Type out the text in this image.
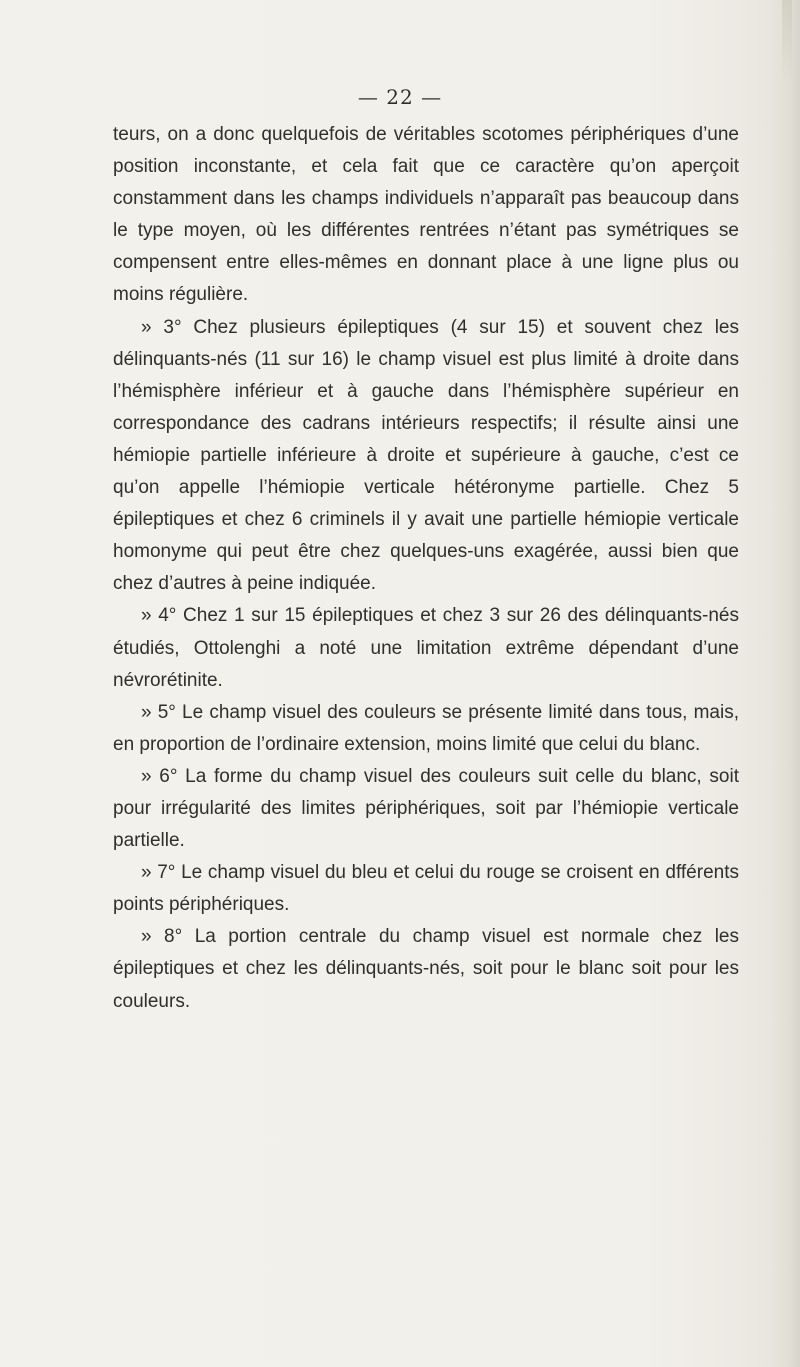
— 22 —

teurs, on a donc quelquefois de véritables scotomes périphériques d’une position inconstante, et cela fait que ce caractère qu’on aperçoit constamment dans les champs individuels n’apparaît pas beaucoup dans le type moyen, où les différentes rentrées n’étant pas symétriques se compensent entre elles-mêmes en donnant place à une ligne plus ou moins régulière.

» 3° Chez plusieurs épileptiques (4 sur 15) et souvent chez les délinquants-nés (11 sur 16) le champ visuel est plus limité à droite dans l’hémisphère inférieur et à gauche dans l’hémisphère supérieur en correspondance des cadrans intérieurs respectifs; il résulte ainsi une hémiopie partielle inférieure à droite et supérieure à gauche, c’est ce qu’on appelle l’hémiopie verticale hétéronyme partielle. Chez 5 épileptiques et chez 6 criminels il y avait une partielle hémiopie verticale homonyme qui peut être chez quelques-uns exagérée, aussi bien que chez d’autres à peine indiquée.

» 4° Chez 1 sur 15 épileptiques et chez 3 sur 26 des délinquants-nés étudiés, Ottolenghi a noté une limitation extrême dépendant d’une névrorétinite.

» 5° Le champ visuel des couleurs se présente limité dans tous, mais, en proportion de l’ordinaire extension, moins limité que celui du blanc.

» 6° La forme du champ visuel des couleurs suit celle du blanc, soit pour irrégularité des limites périphériques, soit par l’hémiopie verticale partielle.

» 7° Le champ visuel du bleu et celui du rouge se croisent en dfférents points périphériques.

» 8° La portion centrale du champ visuel est normale chez les épileptiques et chez les délinquants-nés, soit pour le blanc soit pour les couleurs.
